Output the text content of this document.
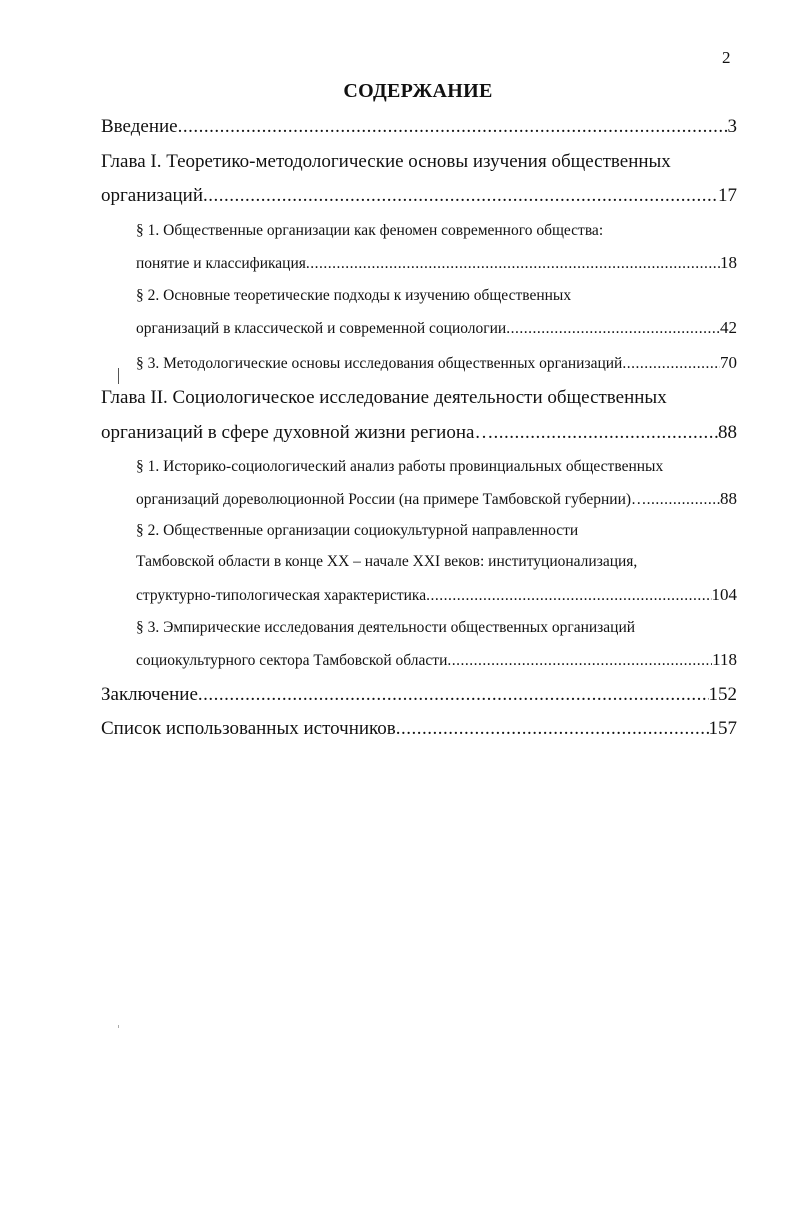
2
СОДЕРЖАНИЕ
Введение .....	3
Глава I. Теоретико-методологические основы изучения общественных
организаций .....	17
§ 1. Общественные организации как феномен современного общества:
понятие и классификация .....	18
§ 2. Основные теоретические подходы к изучению общественных
организаций в классической и современной социологии .....	42
§ 3. Методологические основы исследования общественных организаций .....	70
Глава II. Социологическое исследование деятельности общественных
организаций в сфере духовной жизни региона… .....	88
§ 1. Историко-социологический анализ работы провинциальных общественных
организаций дореволюционной России (на примере Тамбовской губернии)… .....	88
§ 2. Общественные организации социокультурной направленности
Тамбовской области в конце XX – начале XXI веков: институционализация,
структурно-типологическая характеристика .....	104
§ 3. Эмпирические исследования деятельности общественных организаций
социокультурного сектора Тамбовской области .....	118
Заключение .....	152
Список использованных источников .....	157
